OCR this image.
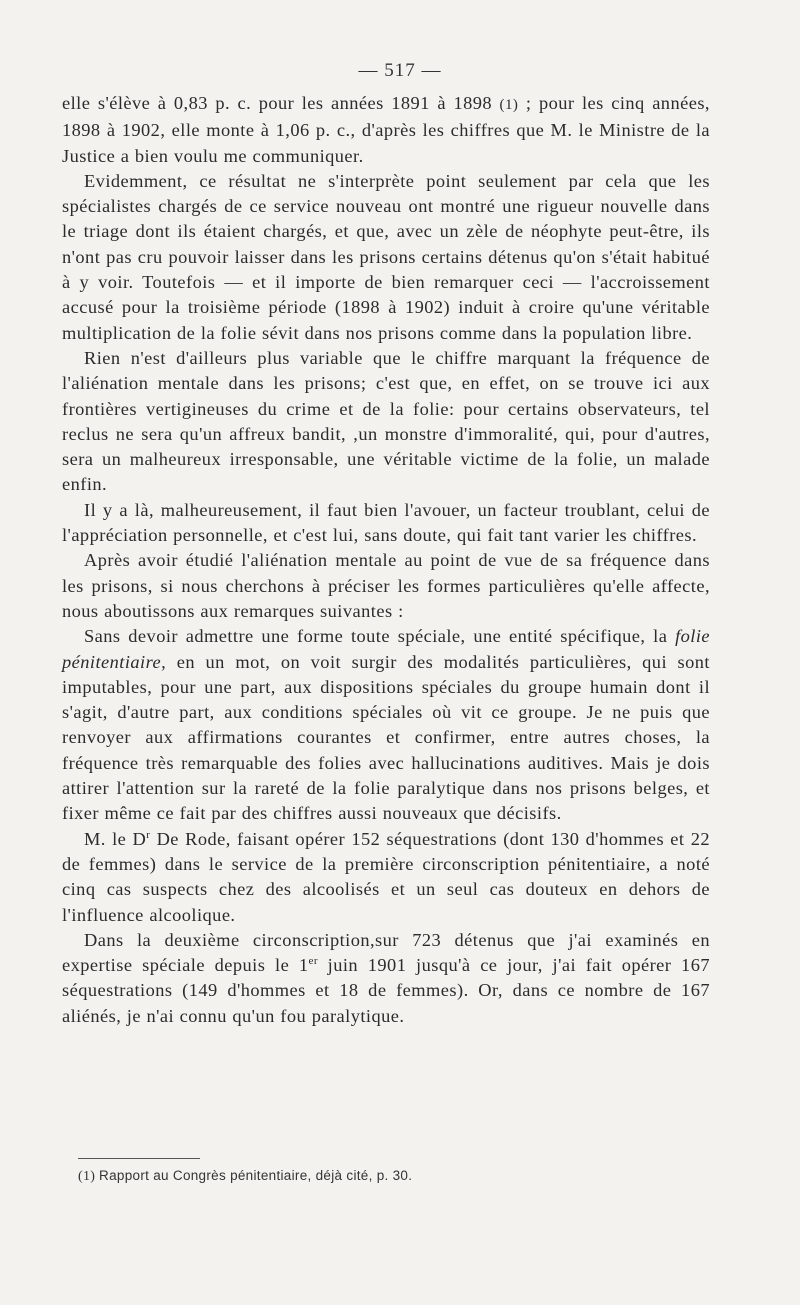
— 517 —

elle s'élève à 0,83 p. c. pour les années 1891 à 1898 (1) ; pour les cinq années, 1898 à 1902, elle monte à 1,06 p. c., d'après les chiffres que M. le Ministre de la Justice a bien voulu me communiquer.

Evidemment, ce résultat ne s'interprète point seulement par cela que les spécialistes chargés de ce service nouveau ont montré une rigueur nouvelle dans le triage dont ils étaient chargés, et que, avec un zèle de néophyte peut-être, ils n'ont pas cru pouvoir laisser dans les prisons certains détenus qu'on s'était habitué à y voir. Toutefois — et il importe de bien remarquer ceci — l'accroissement accusé pour la troisième période (1898 à 1902) induit à croire qu'une véritable multiplication de la folie sévit dans nos prisons comme dans la population libre.

Rien n'est d'ailleurs plus variable que le chiffre marquant la fréquence de l'aliénation mentale dans les prisons; c'est que, en effet, on se trouve ici aux frontières vertigineuses du crime et de la folie: pour certains observateurs, tel reclus ne sera qu'un affreux bandit, ,un monstre d'immoralité, qui, pour d'autres, sera un malheureux irresponsable, une véritable victime de la folie, un malade enfin.

Il y a là, malheureusement, il faut bien l'avouer, un facteur troublant, celui de l'appréciation personnelle, et c'est lui, sans doute, qui fait tant varier les chiffres.

Après avoir étudié l'aliénation mentale au point de vue de sa fréquence dans les prisons, si nous cherchons à préciser les formes particulières qu'elle affecte, nous aboutissons aux remarques suivantes :

Sans devoir admettre une forme toute spéciale, une entité spécifique, la folie pénitentiaire, en un mot, on voit surgir des modalités particulières, qui sont imputables, pour une part, aux dispositions spéciales du groupe humain dont il s'agit, d'autre part, aux conditions spéciales où vit ce groupe. Je ne puis que renvoyer aux affirmations courantes et confirmer, entre autres choses, la fréquence très remarquable des folies avec hallucinations auditives. Mais je dois attirer l'attention sur la rareté de la folie paralytique dans nos prisons belges, et fixer même ce fait par des chiffres aussi nouveaux que décisifs.

M. le $D^r$ De Rode, faisant opérer 152 séquestrations (dont 130 d'hommes et 22 de femmes) dans le service de la première circonscription pénitentiaire, a noté cinq cas suspects chez des alcoolisés et un seul cas douteux en dehors de l'influence alcoolique.

Dans la deuxième circonscription,sur 723 détenus que j'ai examinés en expertise spéciale depuis le 1er juin 1901 jusqu'à ce jour, j'ai fait opérer 167 séquestrations (149 d'hommes et 18 de femmes). Or, dans ce nombre de 167 aliénés, je n'ai connu qu'un fou paralytique.

(1) Rapport au Congrès pénitentiaire, déjà cité, p. 30.
